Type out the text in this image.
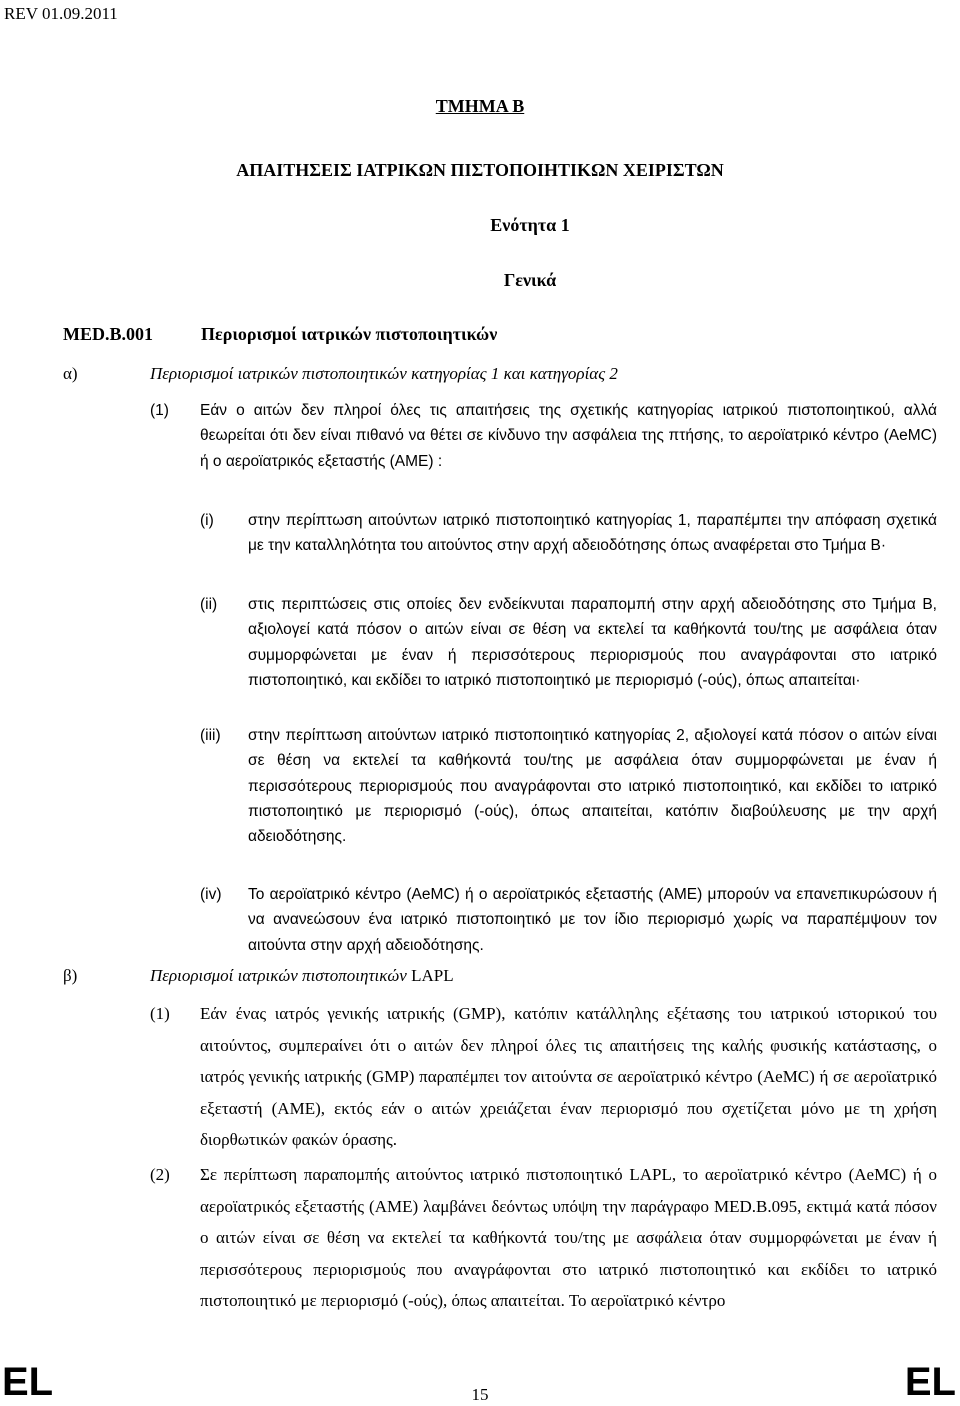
REV 01.09.2011
ΤΜΗΜΑ Β
ΑΠΑΙΤΗΣΕΙΣ ΙΑΤΡΙΚΩΝ ΠΙΣΤΟΠΟΙΗΤΙΚΩΝ ΧΕΙΡΙΣΤΩΝ
Ενότητα 1
Γενικά
MED.B.001	Περιορισμοί ιατρικών πιστοποιητικών
α)	Περιορισμοί ιατρικών πιστοποιητικών κατηγορίας 1 και κατηγορίας 2
(1) Εάν ο αιτών δεν πληροί όλες τις απαιτήσεις της σχετικής κατηγορίας ιατρικού πιστοποιητικού, αλλά θεωρείται ότι δεν είναι πιθανό να θέτει σε κίνδυνο την ασφάλεια της πτήσης, το αεροϊατρικό κέντρο (AeMC) ή ο αεροϊατρικός εξεταστής (AME) :
(i) στην περίπτωση αιτούντων ιατρικό πιστοποιητικό κατηγορίας 1, παραπέμπει την απόφαση σχετικά με την καταλληλότητα του αιτούντος στην αρχή αδειοδότησης όπως αναφέρεται στο Τμήμα Β·
(ii) στις περιπτώσεις στις οποίες δεν ενδείκνυται παραπομπή στην αρχή αδειοδότησης στο Τμήμα Β, αξιολογεί κατά πόσον ο αιτών είναι σε θέση να εκτελεί τα καθήκοντά του/της με ασφάλεια όταν συμμορφώνεται με έναν ή περισσότερους περιορισμούς που αναγράφονται στο ιατρικό πιστοποιητικό, και εκδίδει το ιατρικό πιστοποιητικό με περιορισμό (-ούς), όπως απαιτείται·
(iii) στην περίπτωση αιτούντων ιατρικό πιστοποιητικό κατηγορίας 2, αξιολογεί κατά πόσον ο αιτών είναι σε θέση να εκτελεί τα καθήκοντά του/της με ασφάλεια όταν συμμορφώνεται με έναν ή περισσότερους περιορισμούς που αναγράφονται στο ιατρικό πιστοποιητικό, και εκδίδει το ιατρικό πιστοποιητικό με περιορισμό (-ούς), όπως απαιτείται, κατόπιν διαβούλευσης με την αρχή αδειοδότησης.
(iv) Το αεροϊατρικό κέντρο (AeMC) ή ο αεροϊατρικός εξεταστής (AME) μπορούν να επανεπικυρώσουν ή να ανανεώσουν ένα ιατρικό πιστοποιητικό με τον ίδιο περιορισμό χωρίς να παραπέμψουν τον αιτούντα στην αρχή αδειοδότησης.
β)	Περιορισμοί ιατρικών πιστοποιητικών LAPL
(1) Εάν ένας ιατρός γενικής ιατρικής (GMP), κατόπιν κατάλληλης εξέτασης του ιατρικού ιστορικού του αιτούντος, συμπεραίνει ότι ο αιτών δεν πληροί όλες τις απαιτήσεις της καλής φυσικής κατάστασης, ο ιατρός γενικής ιατρικής (GMP) παραπέμπει τον αιτούντα σε αεροϊατρικό κέντρο (AeMC) ή σε αεροϊατρικό εξεταστή (AME), εκτός εάν ο αιτών χρειάζεται έναν περιορισμό που σχετίζεται μόνο με τη χρήση διορθωτικών φακών όρασης.
(2) Σε περίπτωση παραπομπής αιτούντος ιατρικό πιστοποιητικό LAPL, το αεροϊατρικό κέντρο (AeMC) ή ο αεροϊατρικός εξεταστής (AME) λαμβάνει δεόντως υπόψη την παράγραφο MED.B.095, εκτιμά κατά πόσον ο αιτών είναι σε θέση να εκτελεί τα καθήκοντά του/της με ασφάλεια όταν συμμορφώνεται με έναν ή περισσότερους περιορισμούς που αναγράφονται στο ιατρικό πιστοποιητικό και εκδίδει το ιατρικό πιστοποιητικό με περιορισμό (-ούς), όπως απαιτείται. Το αεροϊατρικό κέντρο
EL	15	EL
